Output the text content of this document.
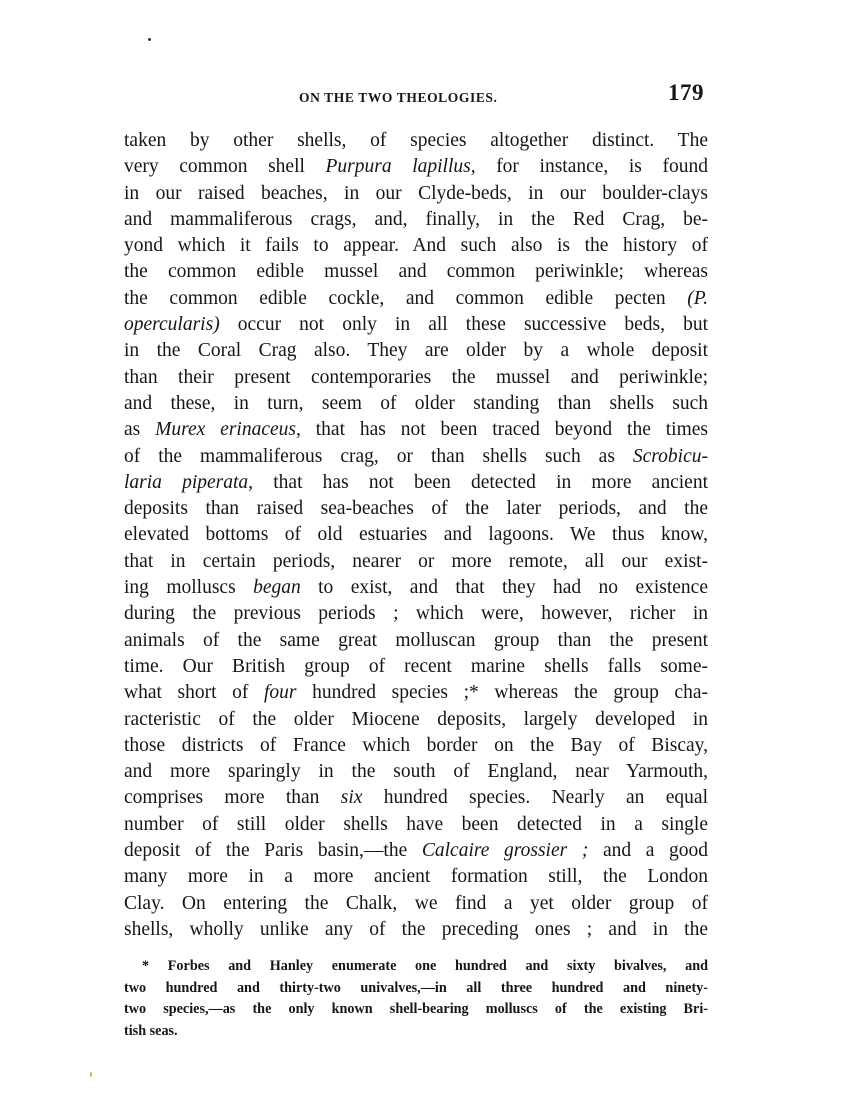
ON THE TWO THEOLOGIES.	179
taken by other shells, of species altogether distinct. The
very common shell Purpura lapillus, for instance, is found
in our raised beaches, in our Clyde-beds, in our boulder-clays
and mammaliferous crags, and, finally, in the Red Crag, be-
yond which it fails to appear. And such also is the history of
the common edible mussel and common periwinkle; whereas
the common edible cockle, and common edible pecten (P.
opercularis) occur not only in all these successive beds, but
in the Coral Crag also. They are older by a whole deposit
than their present contemporaries the mussel and periwinkle;
and these, in turn, seem of older standing than shells such
as Murex erinaceus, that has not been traced beyond the times
of the mammaliferous crag, or than shells such as Scrobicu-
laria piperata, that has not been detected in more ancient
deposits than raised sea-beaches of the later periods, and the
elevated bottoms of old estuaries and lagoons. We thus know,
that in certain periods, nearer or more remote, all our exist-
ing molluscs began to exist, and that they had no existence
during the previous periods ; which were, however, richer in
animals of the same great molluscan group than the present
time. Our British group of recent marine shells falls some-
what short of four hundred species ;* whereas the group cha-
racteristic of the older Miocene deposits, largely developed in
those districts of France which border on the Bay of Biscay,
and more sparingly in the south of England, near Yarmouth,
comprises more than six hundred species. Nearly an equal
number of still older shells have been detected in a single
deposit of the Paris basin,—the Calcaire grossier ; and a good
many more in a more ancient formation still, the London
Clay. On entering the Chalk, we find a yet older group of
shells, wholly unlike any of the preceding ones ; and in the
* Forbes and Hanley enumerate one hundred and sixty bivalves, and
two hundred and thirty-two univalves,—in all three hundred and ninety-
two species,—as the only known shell-bearing molluscs of the existing Bri-
tish seas.
